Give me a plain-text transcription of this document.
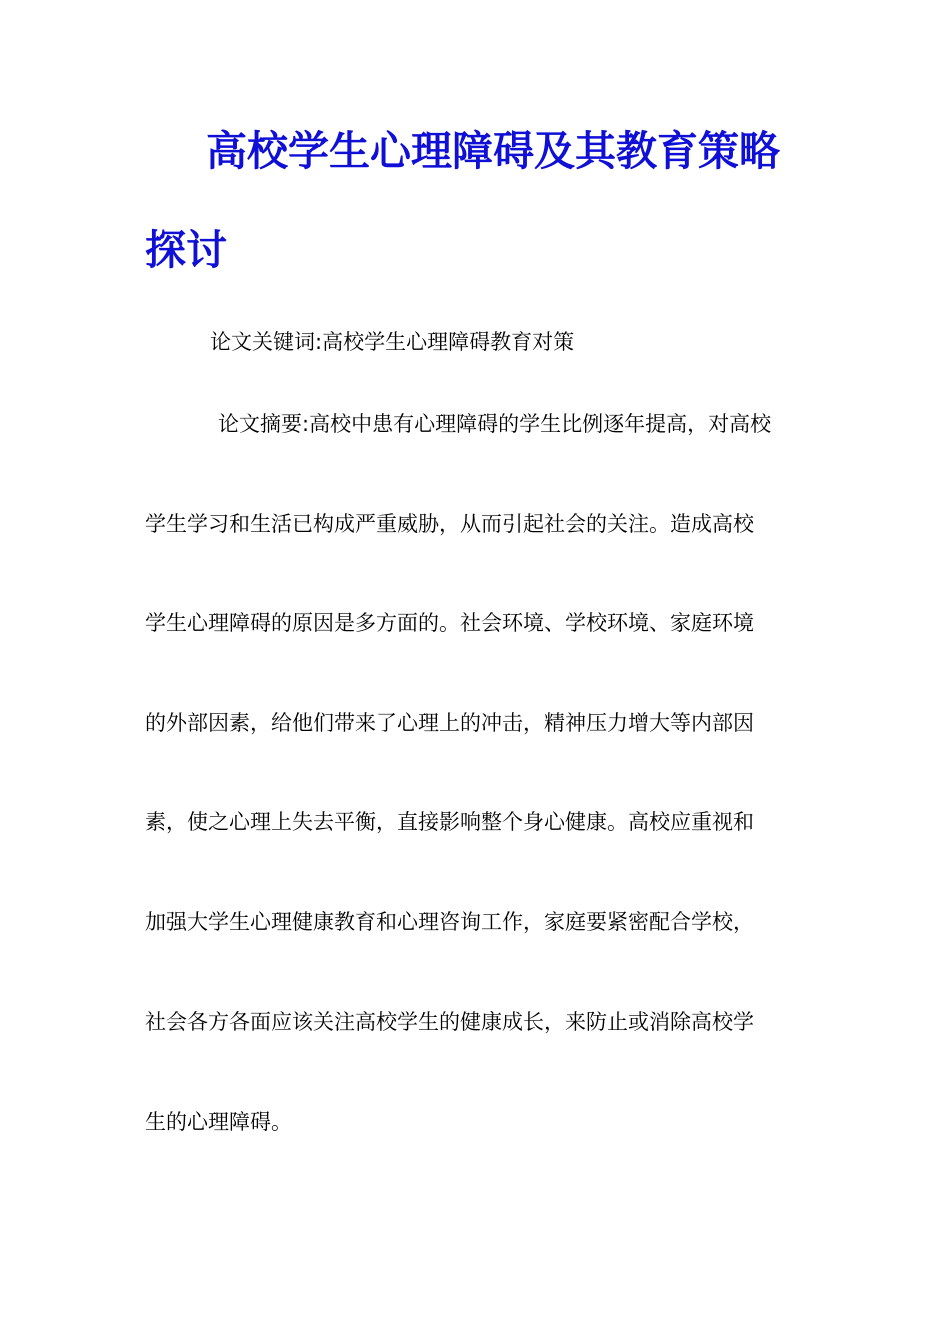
高校学生心理障碍及其教育策略
探讨

论文关键词:高校学生心理障碍教育对策

论文摘要:高校中患有心理障碍的学生比例逐年提高，对高校

学生学习和生活已构成严重威胁，从而引起社会的关注。造成高校

学生心理障碍的原因是多方面的。社会环境、学校环境、家庭环境

的外部因素，给他们带来了心理上的冲击，精神压力增大等内部因

素，使之心理上失去平衡，直接影响整个身心健康。高校应重视和

加强大学生心理健康教育和心理咨询工作，家庭要紧密配合学校，

社会各方各面应该关注高校学生的健康成长，来防止或消除高校学

生的心理障碍。
